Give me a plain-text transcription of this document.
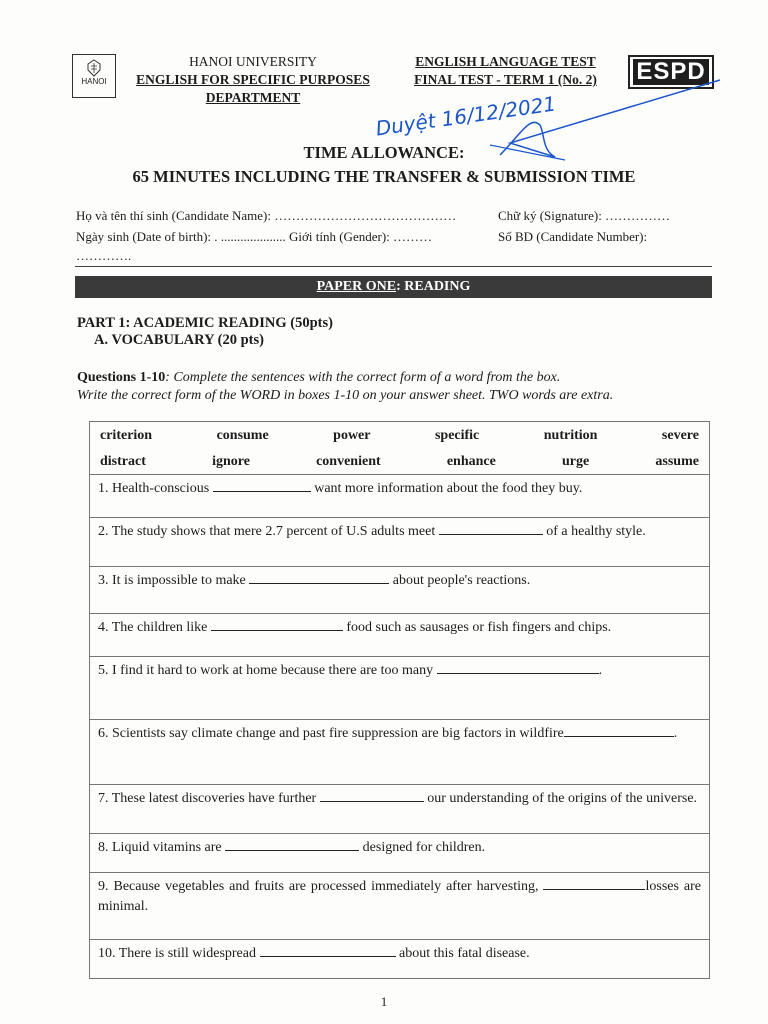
HANOI
HANOI UNIVERSITY
ENGLISH FOR SPECIFIC PURPOSES
DEPARTMENT
ENGLISH LANGUAGE TEST
FINAL TEST - TERM 1 (No. 2)	ESPD

Duyệt 16/12/2021
TIME ALLOWANCE:
65 MINUTES INCLUDING THE TRANSFER & SUBMISSION TIME
Họ và tên thí sinh (Candidate Name): ……………………………………	Chữ ký (Signature): ……………
Ngày sinh (Date of birth): . .................... Giới tính (Gender): ………	Số BD (Candidate Number):
………….
PAPER ONE: READING
PART 1: ACADEMIC READING (50pts)
A. VOCABULARY (20 pts)
Questions 1-10: Complete the sentences with the correct form of a word from the box.
Write the correct form of the WORD in boxes 1-10 on your answer sheet. TWO words are extra.
criterion	consume	power	specific	nutrition	severe
distract	ignore	convenient	enhance	urge	assume

1. Health-conscious	want more information about the food they buy.
2. The study shows that mere 2.7 percent of U.S adults meet	of a healthy style.
3. It is impossible to make	about people's reactions.
4. The children like	food such as sausages or fish fingers and chips.
5. I find it hard to work at home because there are too many	.
6. Scientists say climate change and past fire suppression are big factors in wildfire	.
7. These latest discoveries have further	our understanding of the origins of the universe.
8. Liquid vitamins are	designed for children.
9. Because vegetables and fruits are processed immediately after harvesting,	losses are minimal.
10. There is still widespread	about this fatal disease.
1
